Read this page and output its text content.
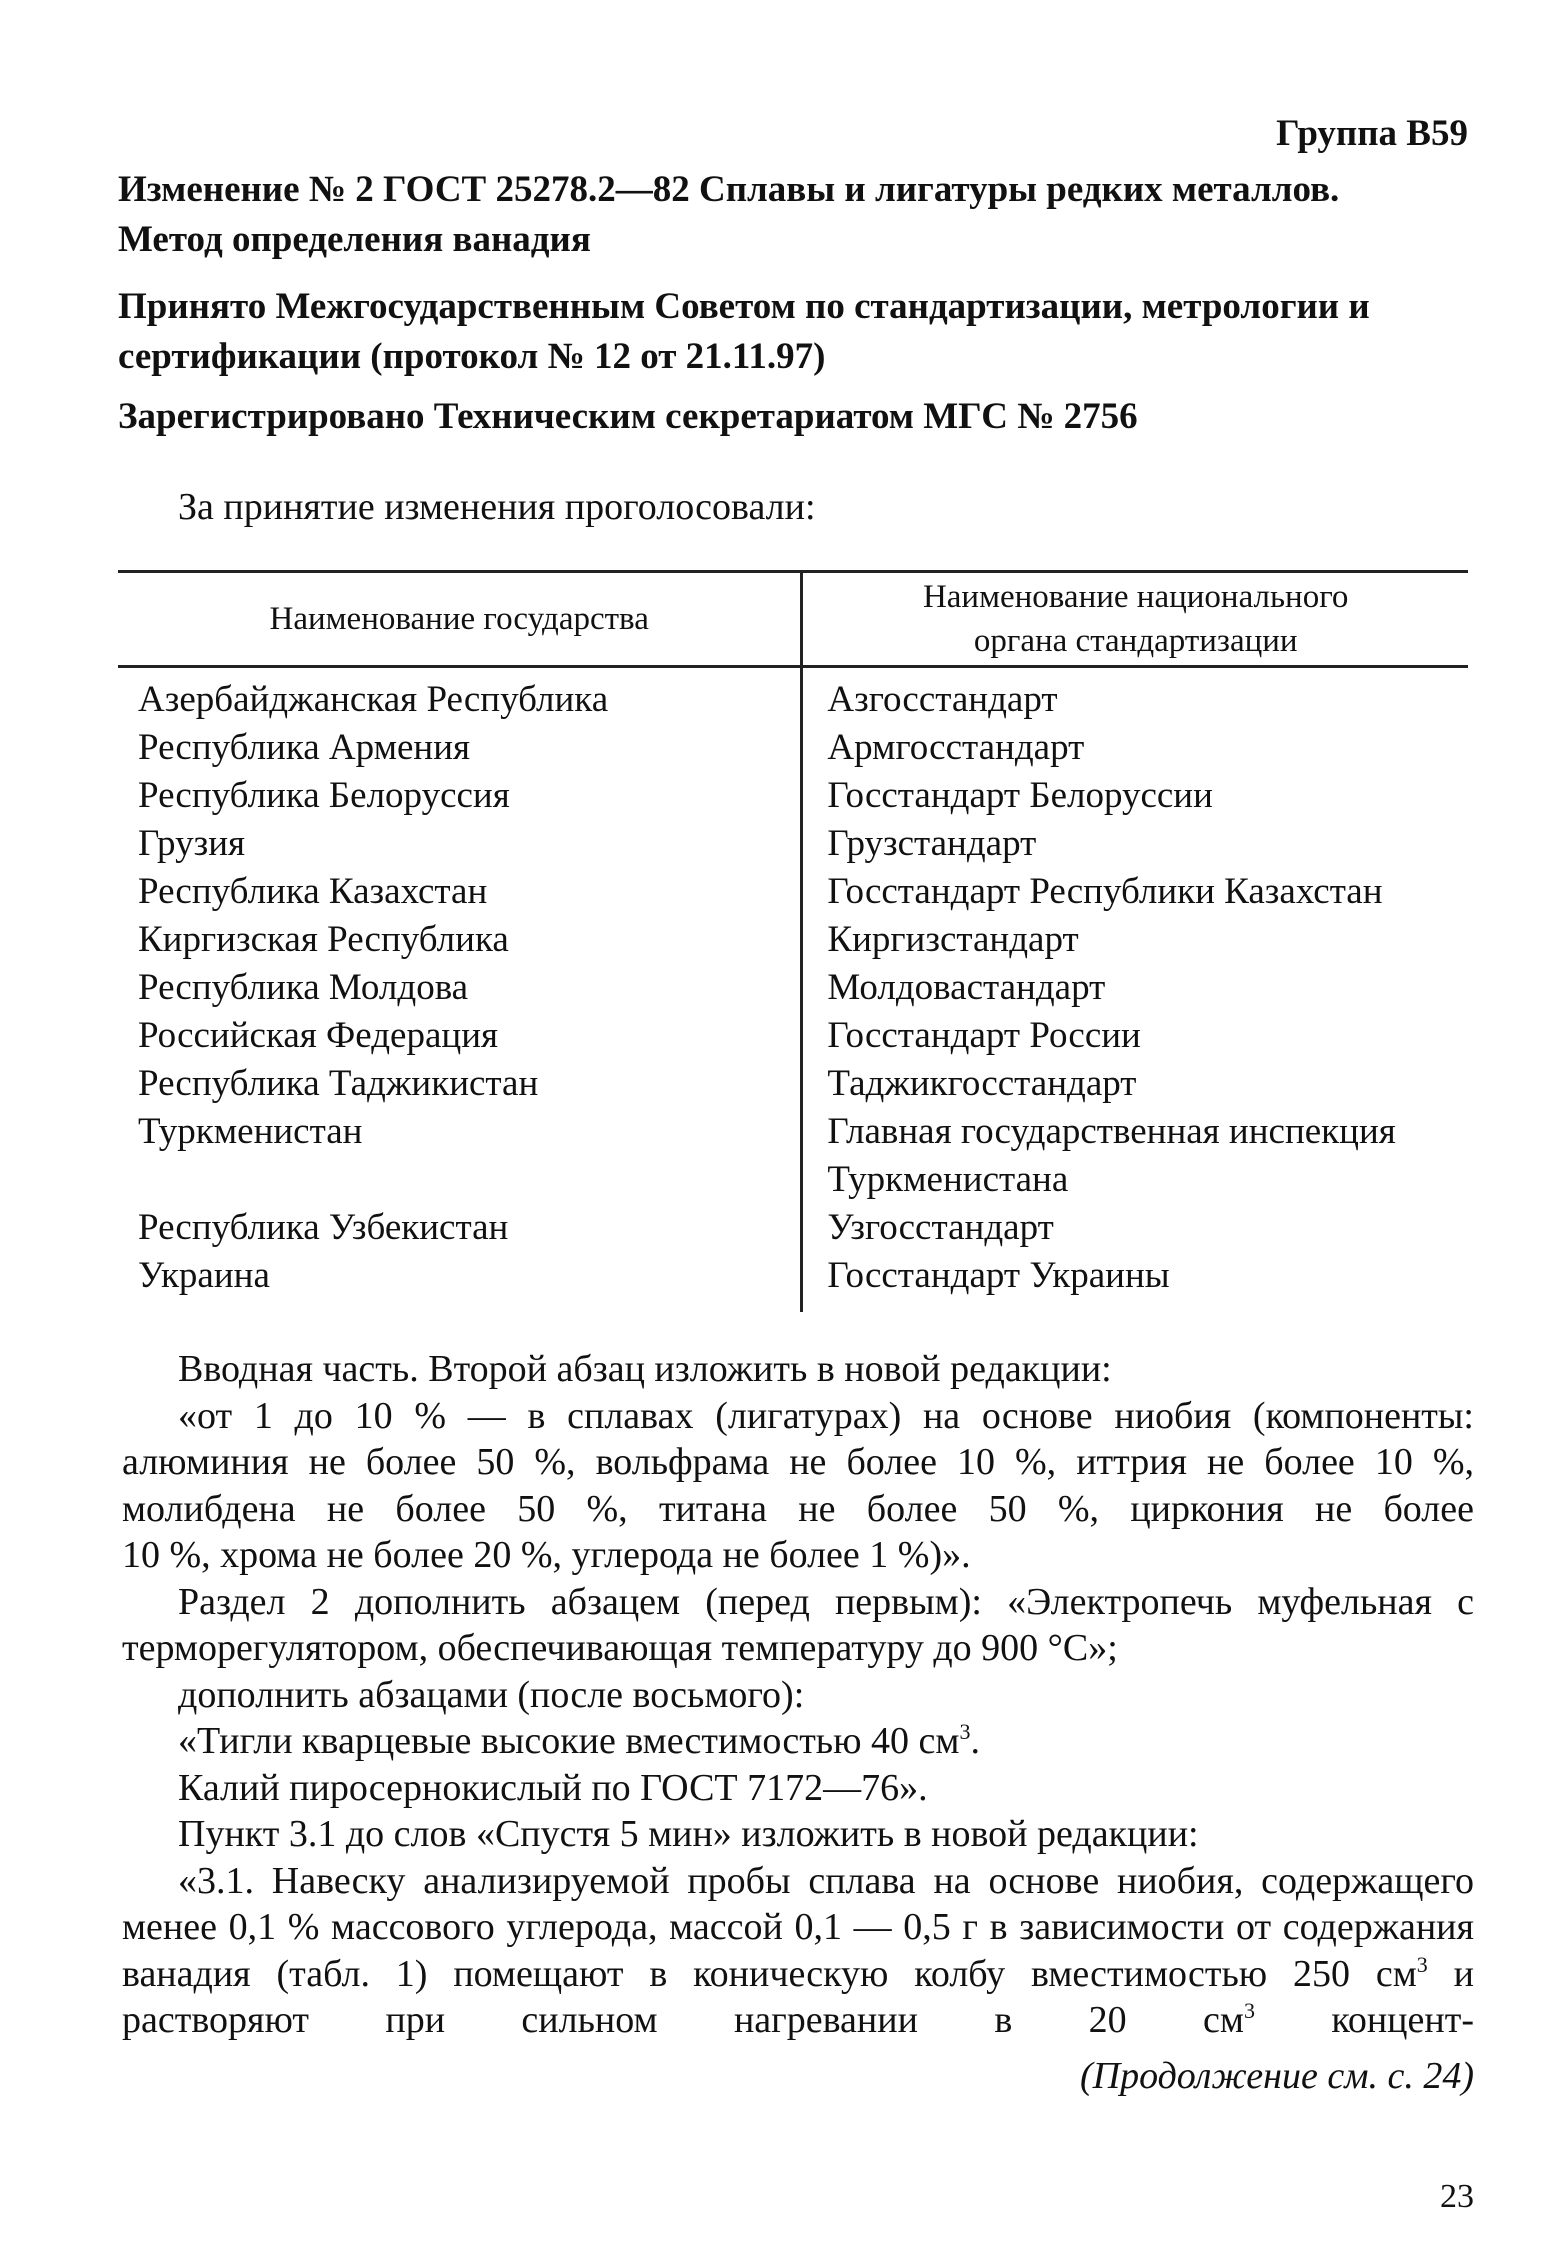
Группа В59
Изменение № 2 ГОСТ 25278.2—82 Сплавы и лигатуры редких металлов.
Метод определения ванадия
Принято Межгосударственным Советом по стандартизации, метрологии и
сертификации (протокол № 12 от 21.11.97)
Зарегистрировано Техническим секретариатом МГС № 2756
За принятие изменения проголосовали:
Наименование государства	Наименование национального
органа стандартизации

Азербайджанская Республика	Азгосстандарт
Республика Армения	Армгосстандарт
Республика Белоруссия	Госстандарт Белоруссии
Грузия	Грузстандарт
Республика Казахстан	Госстандарт Республики Казахстан
Киргизская Республика	Киргизстандарт
Республика Молдова	Молдовастандарт
Российская Федерация	Госстандарт России
Республика Таджикистан	Таджикгосстандарт
Туркменистан	Главная государственная инспекция
Туркменистана

Республика Узбекистан	Узгосстандарт
Украина	Госстандарт Украины

Вводная часть. Второй абзац изложить в новой редакции:

«от 1 до 10 % — в сплавах (лигатурах) на основе ниобия (компоненты: алюминия не более 50 %, вольфрама не более 10 %, иттрия не более 10 %, молибдена не более 50 %, титана не более 50 %, циркония не более

10 %, хрома не более 20 %, углерода не более 1 %)».

Раздел 2 дополнить абзацем (перед первым): «Электропечь муфельная с терморегулятором, обеспечивающая температуру до 900 °С»;

дополнить абзацами (после восьмого):

«Тигли кварцевые высокие вместимостью 40 $см^3$.

Калий пиросернокислый по ГОСТ 7172—76».

Пункт 3.1 до слов «Спустя 5 мин» изложить в новой редакции:

«3.1. Навеску анализируемой пробы сплава на основе ниобия, содержащего менее 0,1 % массового углерода, массой 0,1 — 0,5 г в зависимости от содержания ванадия (табл. 1) помещают в коническую колбу вместимостью 250 $см^3$ и растворяют при сильном нагревании в 20 $см^3$ концент-

(Продолжение см. с. 24)
23
